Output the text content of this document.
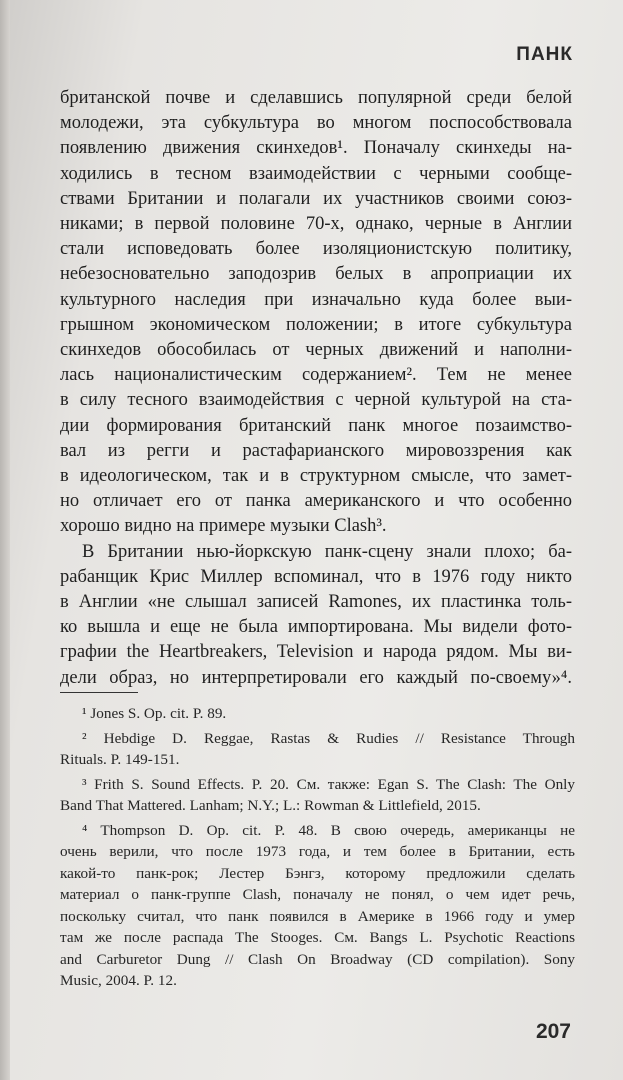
ПАНК
британской почве и сделавшись популярной среди белой
молодежи, эта субкультура во многом поспособствовала
появлению движения скинхедов¹. Поначалу скинхеды на-
ходились в тесном взаимодействии с черными сообще-
ствами Британии и полагали их участников своими союз-
никами; в первой половине 70-х, однако, черные в Англии
стали исповедовать более изоляционистскую политику,
небезосновательно заподозрив белых в апроприации их
культурного наследия при изначально куда более выи-
грышном экономическом положении; в итоге субкультура
скинхедов обособилась от черных движений и наполни-
лась националистическим содержанием². Тем не менее
в силу тесного взаимодействия с черной культурой на ста-
дии формирования британский панк многое позаимство-
вал из регги и растафарианского мировоззрения как
в идеологическом, так и в структурном смысле, что замет-
но отличает его от панка американского и что особенно
хорошо видно на примере музыки Clash³.
В Британии нью-йоркскую панк-сцену знали плохо; ба-
рабанщик Крис Миллер вспоминал, что в 1976 году никто
в Англии «не слышал записей Ramones, их пластинка толь-
ко вышла и еще не была импортирована. Мы видели фото-
графии the Heartbreakers, Television и народа рядом. Мы ви-
дели образ, но интерпретировали его каждый по-своему»⁴.
¹ Jones S. Op. cit. P. 89.
² Hebdige D. Reggae, Rastas & Rudies // Resistance Through
Rituals. P. 149-151.
³ Frith S. Sound Effects. P. 20. См. также: Egan S. The Clash: The Only
Band That Mattered. Lanham; N.Y.; L.: Rowman & Littlefield, 2015.
⁴ Thompson D. Op. cit. P. 48. В свою очередь, американцы не
очень верили, что после 1973 года, и тем более в Британии, есть
какой-то панк-рок; Лестер Бэнгз, которому предложили сделать
материал о панк-группе Clash, поначалу не понял, о чем идет речь,
поскольку считал, что панк появился в Америке в 1966 году и умер
там же после распада The Stooges. См. Bangs L. Psychotic Reactions
and Carburetor Dung // Clash On Broadway (CD compilation). Sony
Music, 2004. P. 12.
207
